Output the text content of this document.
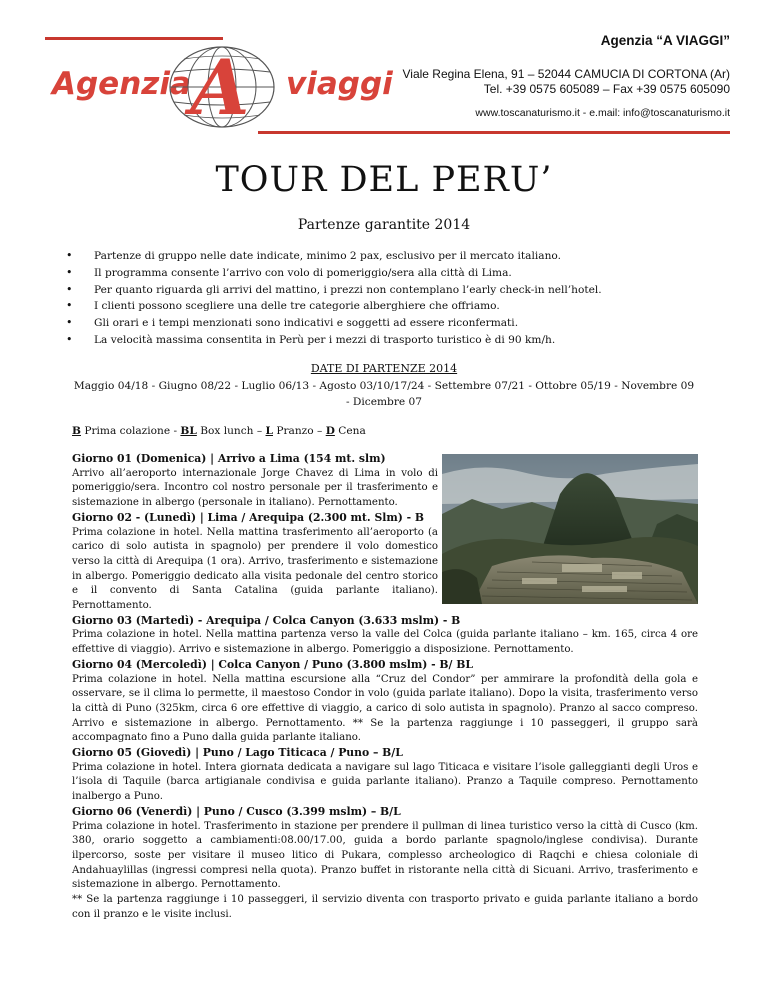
Agenzia A viaggi
Agenzia “A VIAGGI”
Viale Regina Elena, 91 – 52044 CAMUCIA DI CORTONA (Ar)
Tel. +39 0575 605089 – Fax +39 0575 605090
www.toscanaturismo.it - e.mail: info@toscanaturismo.it
TOUR DEL PERU’
Partenze garantite 2014
• Partenze di gruppo nelle date indicate, minimo 2 pax, esclusivo per il mercato italiano.
• Il programma consente l’arrivo con volo di pomeriggio/sera alla città di Lima.
• Per quanto riguarda gli arrivi del mattino, i prezzi non contemplano l’early check-in nell’hotel.
• I clienti possono scegliere una delle tre categorie alberghiere che offriamo.
• Gli orari e i tempi menzionati sono indicativi e soggetti ad essere riconfermati.
• La velocità massima consentita in Perù per i mezzi di trasporto turistico è di 90 km/h.
DATE DI PARTENZE 2014
Maggio 04/18 - Giugno 08/22 - Luglio 06/13 - Agosto 03/10/17/24 - Settembre 07/21 - Ottobre 05/19 - Novembre 09 - Dicembre 07
B Prima colazione - BL Box lunch – L Pranzo – D Cena

Giorno 01 (Domenica) | Arrivo a Lima (154 mt. slm)

Arrivo all’aeroporto internazionale Jorge Chavez di Lima in volo di pomeriggio/sera. Incontro col nostro personale per il trasferimento e sistemazione in albergo (personale in italiano). Pernottamento.

Giorno 02 - (Lunedì) | Lima / Arequipa (2.300 mt. Slm) - B

Prima colazione in hotel. Nella mattina trasferimento all’aeroporto (a carico di solo autista in spagnolo) per prendere il volo domestico verso la città di Arequipa (1 ora). Arrivo, trasferimento e sistemazione in albergo. Pomeriggio dedicato alla visita pedonale del centro storico e il convento di Santa Catalina (guida parlante italiano). Pernottamento.

Giorno 03 (Martedì) - Arequipa / Colca Canyon (3.633 mslm) - B

Prima colazione in hotel. Nella mattina partenza verso la valle del Colca (guida parlante italiano – km. 165, circa 4 ore effettive di viaggio). Arrivo e sistemazione in albergo. Pomeriggio a disposizione. Pernottamento.

Giorno 04 (Mercoledì) | Colca Canyon / Puno (3.800 mslm) - B/ BL

Prima colazione in hotel. Nella mattina escursione alla “Cruz del Condor” per ammirare la profondità della gola e osservare, se il clima lo permette, il maestoso Condor in volo (guida parlate italiano). Dopo la visita, trasferimento verso la città di Puno (325km, circa 6 ore effettive di viaggio, a carico di solo autista in spagnolo). Pranzo al sacco compreso. Arrivo e sistemazione in albergo. Pernottamento. ** Se la partenza raggiunge i 10 passeggeri, il gruppo sarà accompagnato fino a Puno dalla guida parlante italiano.

Giorno 05 (Giovedì) | Puno / Lago Titicaca / Puno – B/L

Prima colazione in hotel. Intera giornata dedicata a navigare sul lago Titicaca e visitare l’isole galleggianti degli Uros e l’isola di Taquile (barca artigianale condivisa e guida parlante italiano). Pranzo a Taquile compreso. Pernottamento inalbergo a Puno.

Giorno 06 (Venerdì) | Puno / Cusco (3.399 mslm) – B/L

Prima colazione in hotel. Trasferimento in stazione per prendere il pullman di linea turistico verso la città di Cusco (km. 380, orario soggetto a cambiamenti:08.00/17.00, guida a bordo parlante spagnolo/inglese condivisa). Durante ilpercorso, soste per visitare il museo litico di Pukara, complesso archeologico di Raqchi e chiesa coloniale di Andahuaylillas (ingressi compresi nella quota). Pranzo buffet in ristorante nella città di Sicuani. Arrivo, trasferimento e sistemazione in albergo. Pernottamento.

** Se la partenza raggiunge i 10 passeggeri, il servizio diventa con trasporto privato e guida parlante italiano a bordo con il pranzo e le visite inclusi.
